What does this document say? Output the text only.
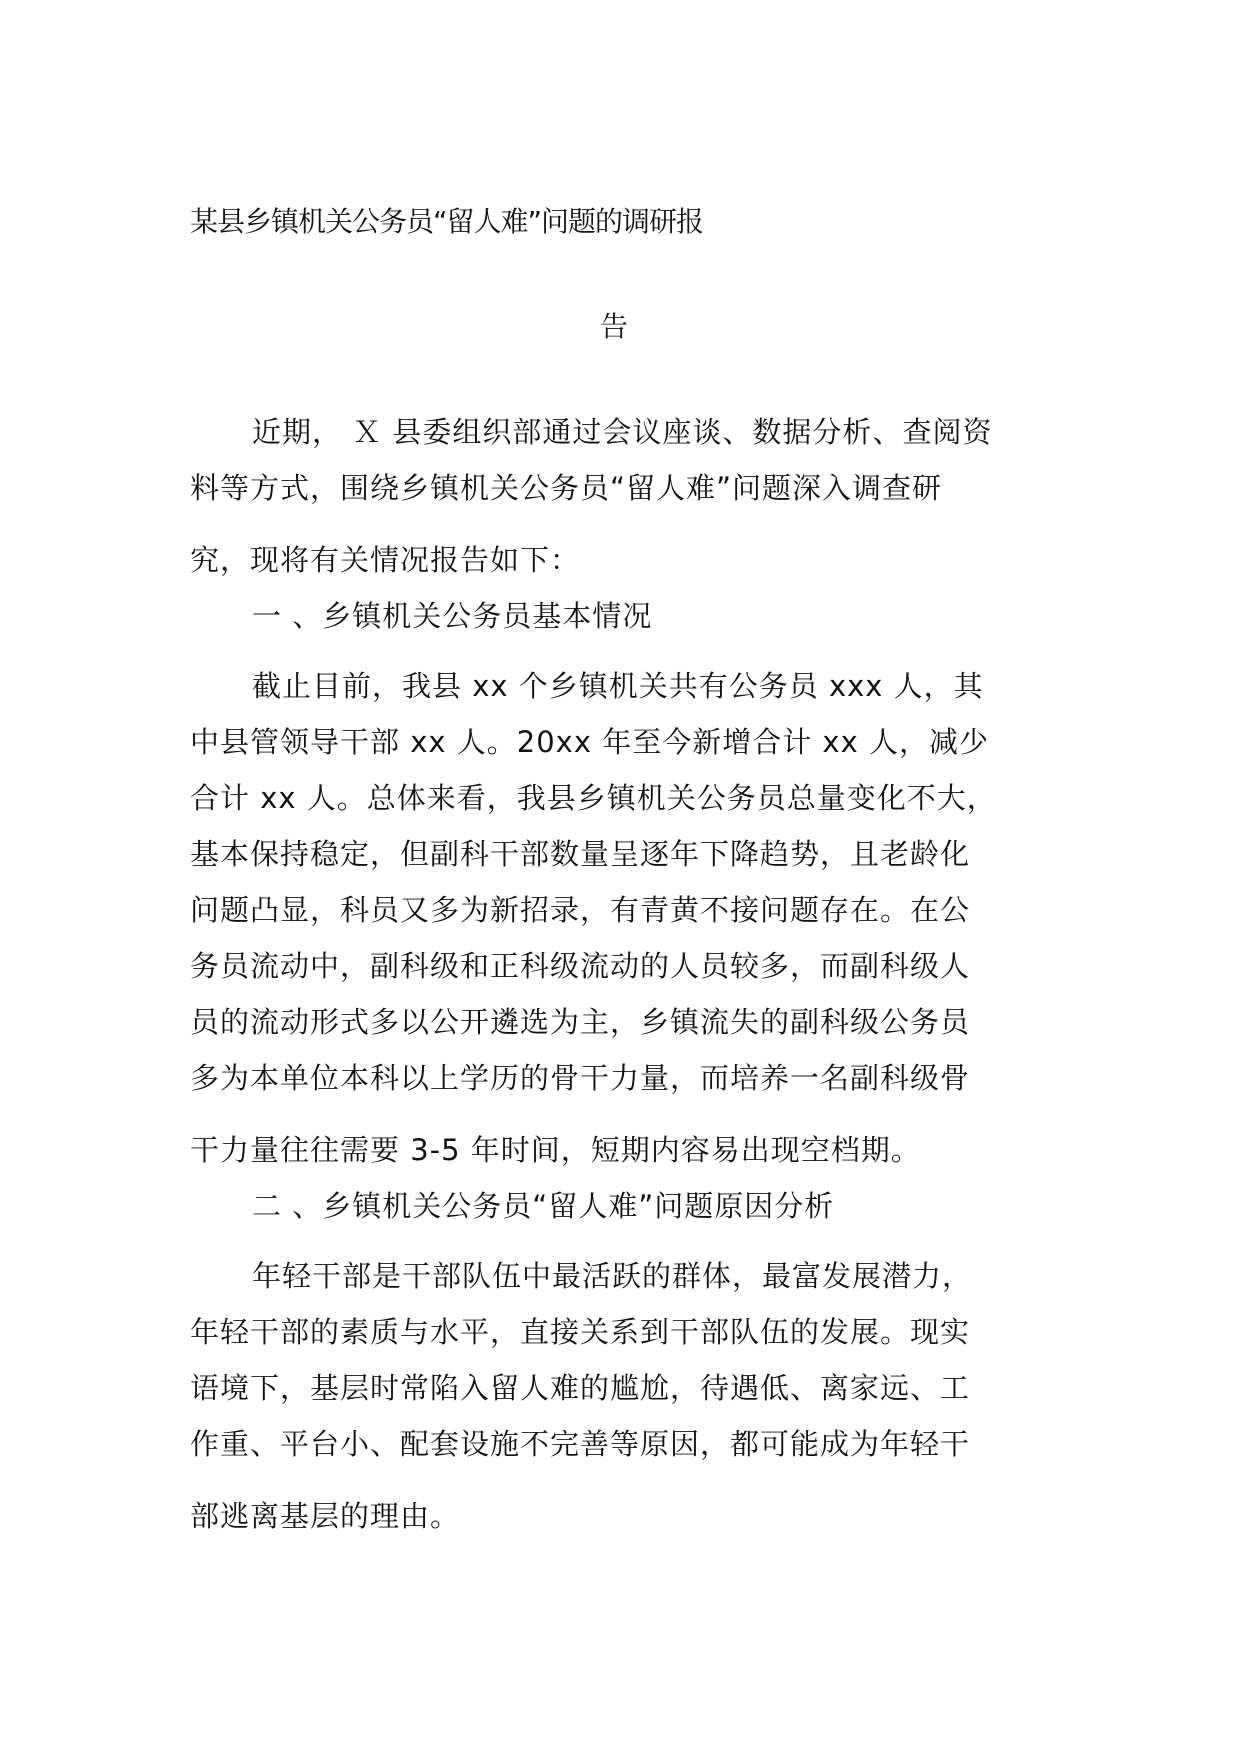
某县乡镇机关公务员“留人难”问题的调研报
告
近期， Ｘ 县委组织部通过会议座谈、数据分析、查阅资
料等方式，围绕乡镇机关公务员“留人难”问题深入调查研
究，现将有关情况报告如下：
一 、乡镇机关公务员基本情况
截止目前，我县 xx 个乡镇机关共有公务员 xxx 人，其
中县管领导干部 xx 人。20xx 年至今新增合计 xx 人，减少
合计 xx 人。总体来看，我县乡镇机关公务员总量变化不大，
基本保持稳定，但副科干部数量呈逐年下降趋势，且老龄化
问题凸显，科员又多为新招录，有青黄不接问题存在。在公
务员流动中，副科级和正科级流动的人员较多，而副科级人
员的流动形式多以公开遴选为主，乡镇流失的副科级公务员
多为本单位本科以上学历的骨干力量，而培养一名副科级骨
干力量往往需要 3-5 年时间，短期内容易出现空档期。
二 、乡镇机关公务员“留人难”问题原因分析
年轻干部是干部队伍中最活跃的群体，最富发展潜力，
年轻干部的素质与水平，直接关系到干部队伍的发展。现实
语境下，基层时常陷入留人难的尴尬，待遇低、离家远、工
作重、平台小、配套设施不完善等原因，都可能成为年轻干
部逃离基层的理由。
